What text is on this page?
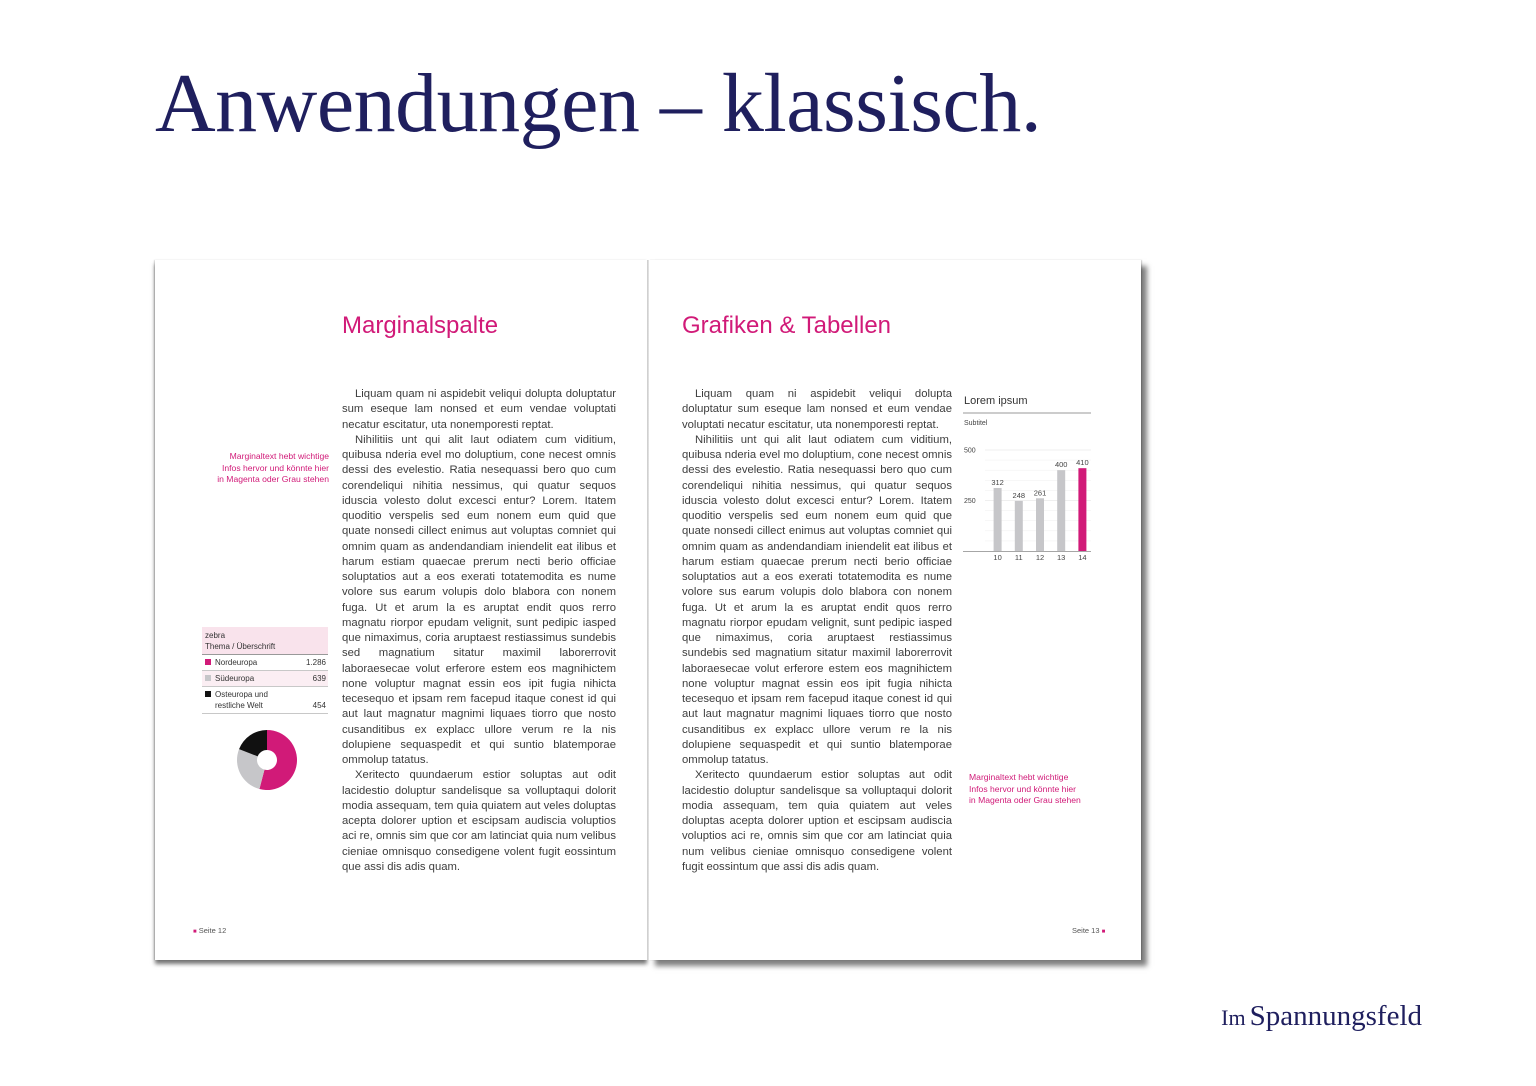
Anwendungen – klassisch.
Marginalspalte
Marginaltext hebt wichtige
Infos hervor und könnte hier
in Magenta oder Grau stehen

Liquam quam ni aspidebit veliqui dolupta doluptatur sum eseque lam nonsed et eum vendae voluptati necatur escitatur, uta nonemporesti reptat.

Nihilitiis unt qui alit laut odiatem cum viditium, quibusa nderia evel mo doluptium, cone necest omnis dessi des evelestio. Ratia nesequassi bero quo cum corendeliqui nihitia nessimus, qui quatur sequos iduscia volesto dolut excesci entur? Lorem. Itatem quoditio verspelis sed eum nonem eum quid que quate nonsedi cillect enimus aut voluptas comniet qui omnim quam as andendandiam iniendelit eat ilibus et harum estiam quaecae prerum necti berio officiae soluptatios aut a eos exerati totatemodita es nume volore sus earum volupis dolo blabora con nonem fuga. Ut et arum la es aruptat endit quos rerro magnatu riorpor epudam velignit, sunt pedipic iasped que nimaximus, coria aruptaest restiassimus sundebis sed magnatium sitatur maximil laborerrovit laboraesecae volut erferore estem eos magnihictem none voluptur magnat essin eos ipit fugia nihicta tecesequo et ipsam rem facepud itaque conest id qui aut laut magnatur magnimi liquaes tiorro que nosto cusanditibus ex explacc ullore verum re la nis dolupiene sequaspedit et qui suntio blatemporae ommolup tatatus.

Xeritecto quundaerum estior soluptas aut odit lacidestio doluptur sandelisque sa volluptaqui dolorit modia assequam, tem quia quiatem aut veles doluptas acepta dolorer uption et escipsam audiscia voluptios aci re, omnis sim que cor am latinciat quia num velibus cieniae omnisquo consedigene volent fugit eossintum que assi dis adis quam.

zebra
Thema / Überschrift
Nordeuropa	1.286
Südeuropa	639
Osteuropa und
restliche Welt	454
■ Seite 12
Grafiken & Tabellen

Liquam quam ni aspidebit veliqui dolupta doluptatur sum eseque lam nonsed et eum vendae voluptati necatur escitatur, uta nonemporesti reptat.

Nihilitiis unt qui alit laut odiatem cum viditium, quibusa nderia evel mo doluptium, cone necest omnis dessi des evelestio. Ratia nesequassi bero quo cum corendeliqui nihitia nessimus, qui quatur sequos iduscia volesto dolut excesci entur? Lorem. Itatem quoditio verspelis sed eum nonem eum quid que quate nonsedi cillect enimus aut voluptas comniet qui omnim quam as andendandiam iniendelit eat ilibus et harum estiam quaecae prerum necti berio officiae soluptatios aut a eos exerati totatemodita es nume volore sus earum volupis dolo blabora con nonem fuga. Ut et arum la es aruptat endit quos rerro magnatu riorpor epudam velignit, sunt pedipic iasped que nimaximus, coria aruptaest restiassimus sundebis sed magnatium sitatur maximil laborerrovit laboraesecae volut erferore estem eos magnihictem none voluptur magnat essin eos ipit fugia nihicta tecesequo et ipsam rem facepud itaque conest id qui aut laut magnatur magnimi liquaes tiorro que nosto cusanditibus ex explacc ullore verum re la nis dolupiene sequaspedit et qui suntio blatemporae ommolup tatatus.

Xeritecto quundaerum estior soluptas aut odit lacidestio doluptur sandelisque sa volluptaqui dolorit modia assequam, tem quia quiatem aut veles doluptas acepta dolorer uption et escipsam audiscia voluptios aci re, omnis sim que cor am latinciat quia num velibus cieniae omnisquo consedigene volent fugit eossintum que assi dis adis quam.

Lorem ipsum
Subtitel
312
248 261
400 410
10 11 12 13 14
500
250
Marginaltext hebt wichtige
Infos hervor und könnte hier
in Magenta oder Grau stehen
Seite 13 ■
Im Spannungsfeld
